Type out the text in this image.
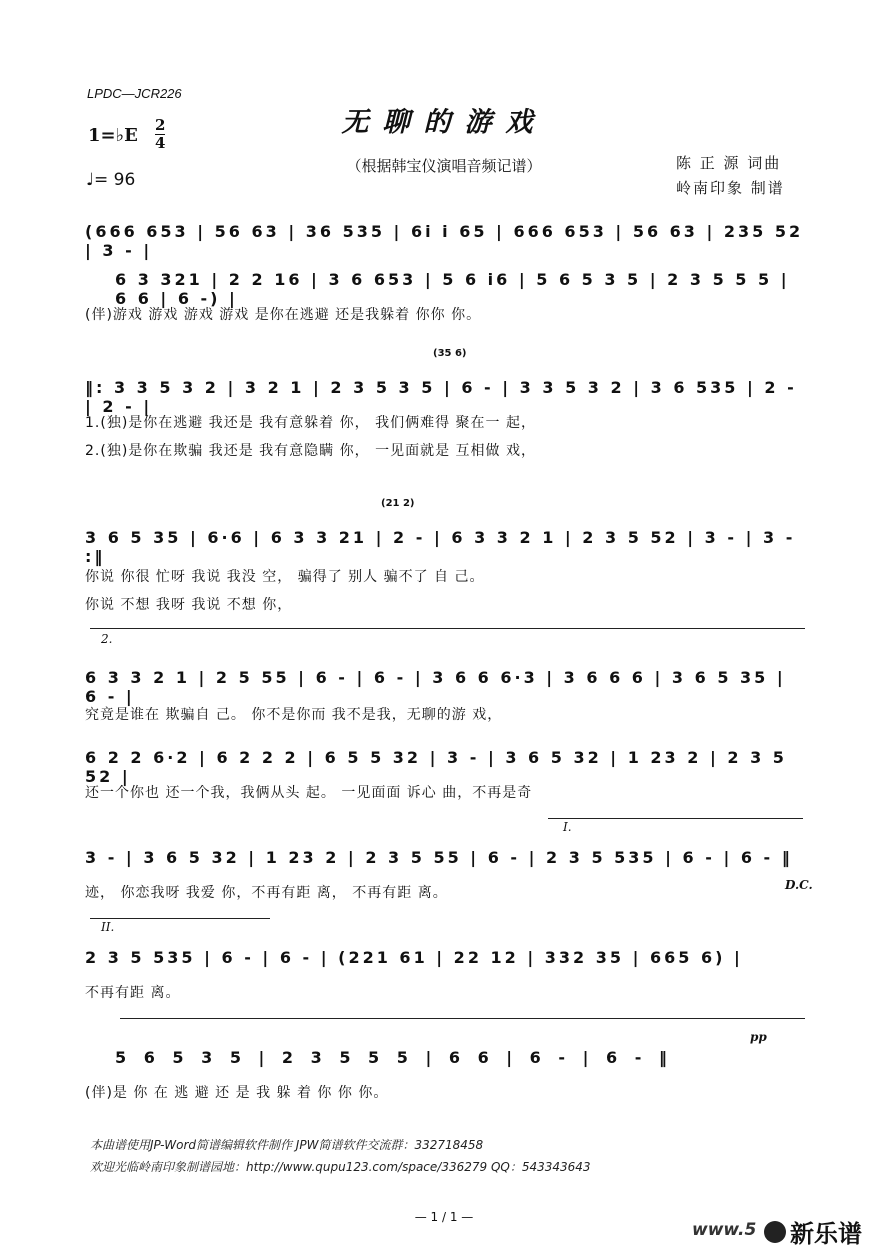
LPDC—JCR226
无聊的游戏
（根据韩宝仪演唱音频记谱）
1=♭E 2
4
♩= 96
陈 正 源 词曲
岭南印象 制谱
(666 653 | 56 63 | 36 535 | 6i i 65 | 666 653 | 56 63 | 235 52 | 3 - |
6 3 321 | 2 2 16 | 3 6 653 | 5 6 i6 | 5 6 5 3 5 | 2 3 5 5 5 | 6 6 | 6 -) |
(伴)游戏 游戏 游戏 游戏 是你在逃避 还是我躲着 你你 你。
(35 6)
‖: 3 3 5 3 2 | 3 2 1 | 2 3 5 3 5 | 6 - | 3 3 5 3 2 | 3 6 535 | 2 - | 2 - |
1.(独)是你在逃避 我还是 我有意躲着 你， 我们俩难得 聚在一 起，
2.(独)是你在欺骗 我还是 我有意隐瞒 你， 一见面就是 互相做 戏，
(21 2)
3 6 5 35 | 6·6 | 6 3 3 21 | 2 - | 6 3 3 2 1 | 2 3 5 52 | 3 - | 3 - :‖
你说 你很 忙呀 我说 我没 空， 骗得了 别人 骗不了 自 己。
你说 不想 我呀 我说 不想 你，
2.
6 3 3 2 1 | 2 5 55 | 6 - | 6 - | 3 6 6 6·3 | 3 6 6 6 | 3 6 5 35 | 6 - |
究竟是谁在 欺骗自 己。 你不是你而 我不是我，无聊的游 戏，
6 2 2 6·2 | 6 2 2 2 | 6 5 5 32 | 3 - | 3 6 5 32 | 1 23 2 | 2 3 5 52 |
还一个你也 还一个我，我俩从头 起。 一见面面 诉心 曲，不再是奇
I.
3 - | 3 6 5 32 | 1 23 2 | 2 3 5 55 | 6 - | 2 3 5 535 | 6 - | 6 - ‖
迹， 你恋我呀 我爱 你，不再有距 离， 不再有距 离。	D.C.
II.
2 3 5 535 | 6 - | 6 - | (221 61 | 22 12 | 332 35 | 665 6) |
不再有距 离。
pp
5 6 5 3 5 | 2 3 5 5 5 | 6 6 | 6 - | 6 - ‖
(伴)是 你 在 逃 避 还 是 我 躲 着 你 你 你。
本曲谱使用JP-Word简谱编辑软件制作 JPW简谱软件交流群：332718458
欢迎光临岭南印象制谱园地：http://www.qupu123.com/space/336279 QQ：543343643
— 1 / 1 —
www.5 新乐谱
